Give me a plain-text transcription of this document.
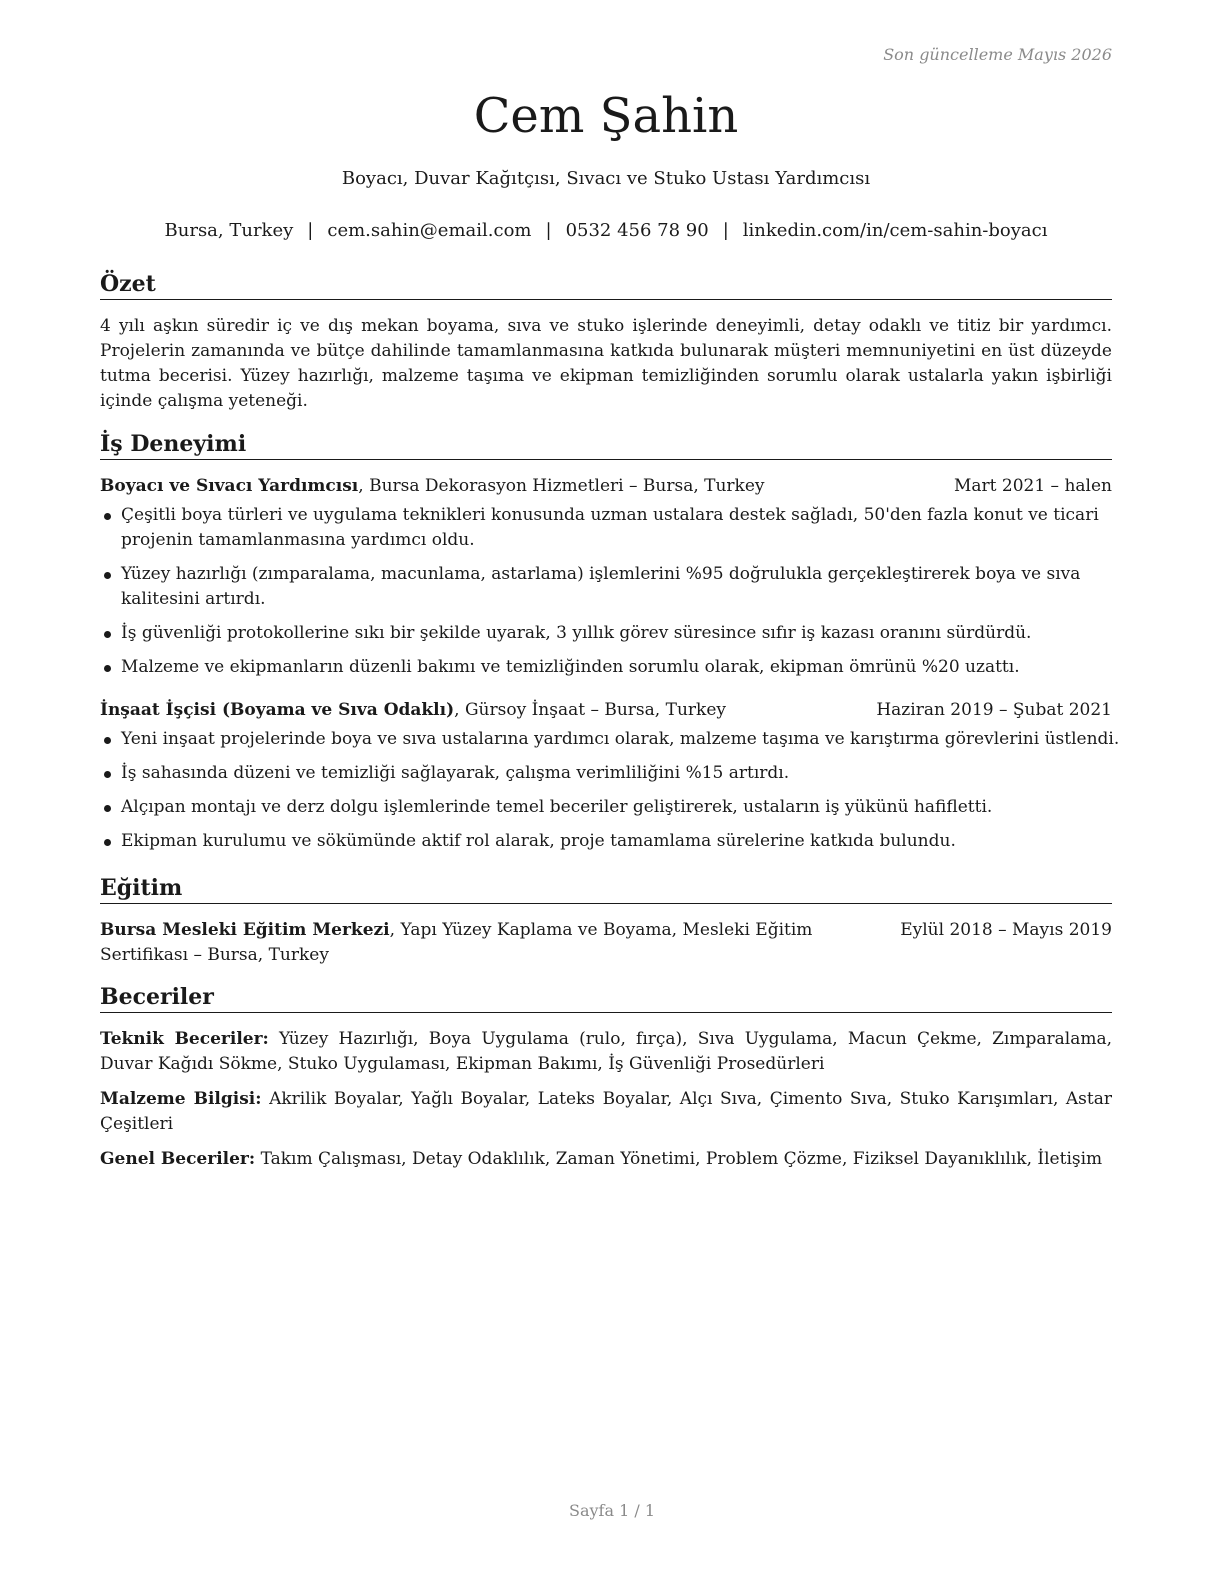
Son güncelleme Mayıs 2026
Cem Şahin
Boyacı, Duvar Kağıtçısı, Sıvacı ve Stuko Ustası Yardımcısı
Bursa, Turkey | cem.sahin@email.com | 0532 456 78 90 | linkedin.com/in/cem-sahin-boyacı
Özet
4 yılı aşkın süredir iç ve dış mekan boyama, sıva ve stuko işlerinde deneyimli, detay odaklı ve titiz bir yardımcı. Projelerin zamanında ve bütçe dahilinde tamamlanmasına katkıda bulunarak müşteri memnuniyetini en üst düzeyde tutma becerisi. Yüzey hazırlığı, malzeme taşıma ve ekipman temizliğinden sorumlu olarak ustalarla yakın işbirliği içinde çalışma yeteneği.
İş Deneyimi
Boyacı ve Sıvacı Yardımcısı, Bursa Dekorasyon Hizmetleri – Bursa, Turkey	Mart 2021 – halen
Çeşitli boya türleri ve uygulama teknikleri konusunda uzman ustalara destek sağladı, 50'den fazla konut ve ticari projenin tamamlanmasına yardımcı oldu.
Yüzey hazırlığı (zımparalama, macunlama, astarlama) işlemlerini %95 doğrulukla gerçekleştirerek boya ve sıva kalitesini artırdı.
İş güvenliği protokollerine sıkı bir şekilde uyarak, 3 yıllık görev süresince sıfır iş kazası oranını sürdürdü.
Malzeme ve ekipmanların düzenli bakımı ve temizliğinden sorumlu olarak, ekipman ömrünü %20 uzattı.
İnşaat İşçisi (Boyama ve Sıva Odaklı), Gürsoy İnşaat – Bursa, Turkey	Haziran 2019 – Şubat 2021
Yeni inşaat projelerinde boya ve sıva ustalarına yardımcı olarak, malzeme taşıma ve karıştırma görevlerini üstlendi.
İş sahasında düzeni ve temizliği sağlayarak, çalışma verimliliğini %15 artırdı.
Alçıpan montajı ve derz dolgu işlemlerinde temel beceriler geliştirerek, ustaların iş yükünü hafifletti.
Ekipman kurulumu ve sökümünde aktif rol alarak, proje tamamlama sürelerine katkıda bulundu.
Eğitim
Bursa Mesleki Eğitim Merkezi, Yapı Yüzey Kaplama ve Boyama, Mesleki Eğitim Sertifikası – Bursa, Turkey
Eylül 2018 – Mayıs 2019
Beceriler
Teknik Beceriler: Yüzey Hazırlığı, Boya Uygulama (rulo, fırça), Sıva Uygulama, Macun Çekme, Zımparalama, Duvar Kağıdı Sökme, Stuko Uygulaması, Ekipman Bakımı, İş Güvenliği Prosedürleri
Malzeme Bilgisi: Akrilik Boyalar, Yağlı Boyalar, Lateks Boyalar, Alçı Sıva, Çimento Sıva, Stuko Karışımları, Astar Çeşitleri
Genel Beceriler: Takım Çalışması, Detay Odaklılık, Zaman Yönetimi, Problem Çözme, Fiziksel Dayanıklılık, İletişim
Sayfa 1 / 1
